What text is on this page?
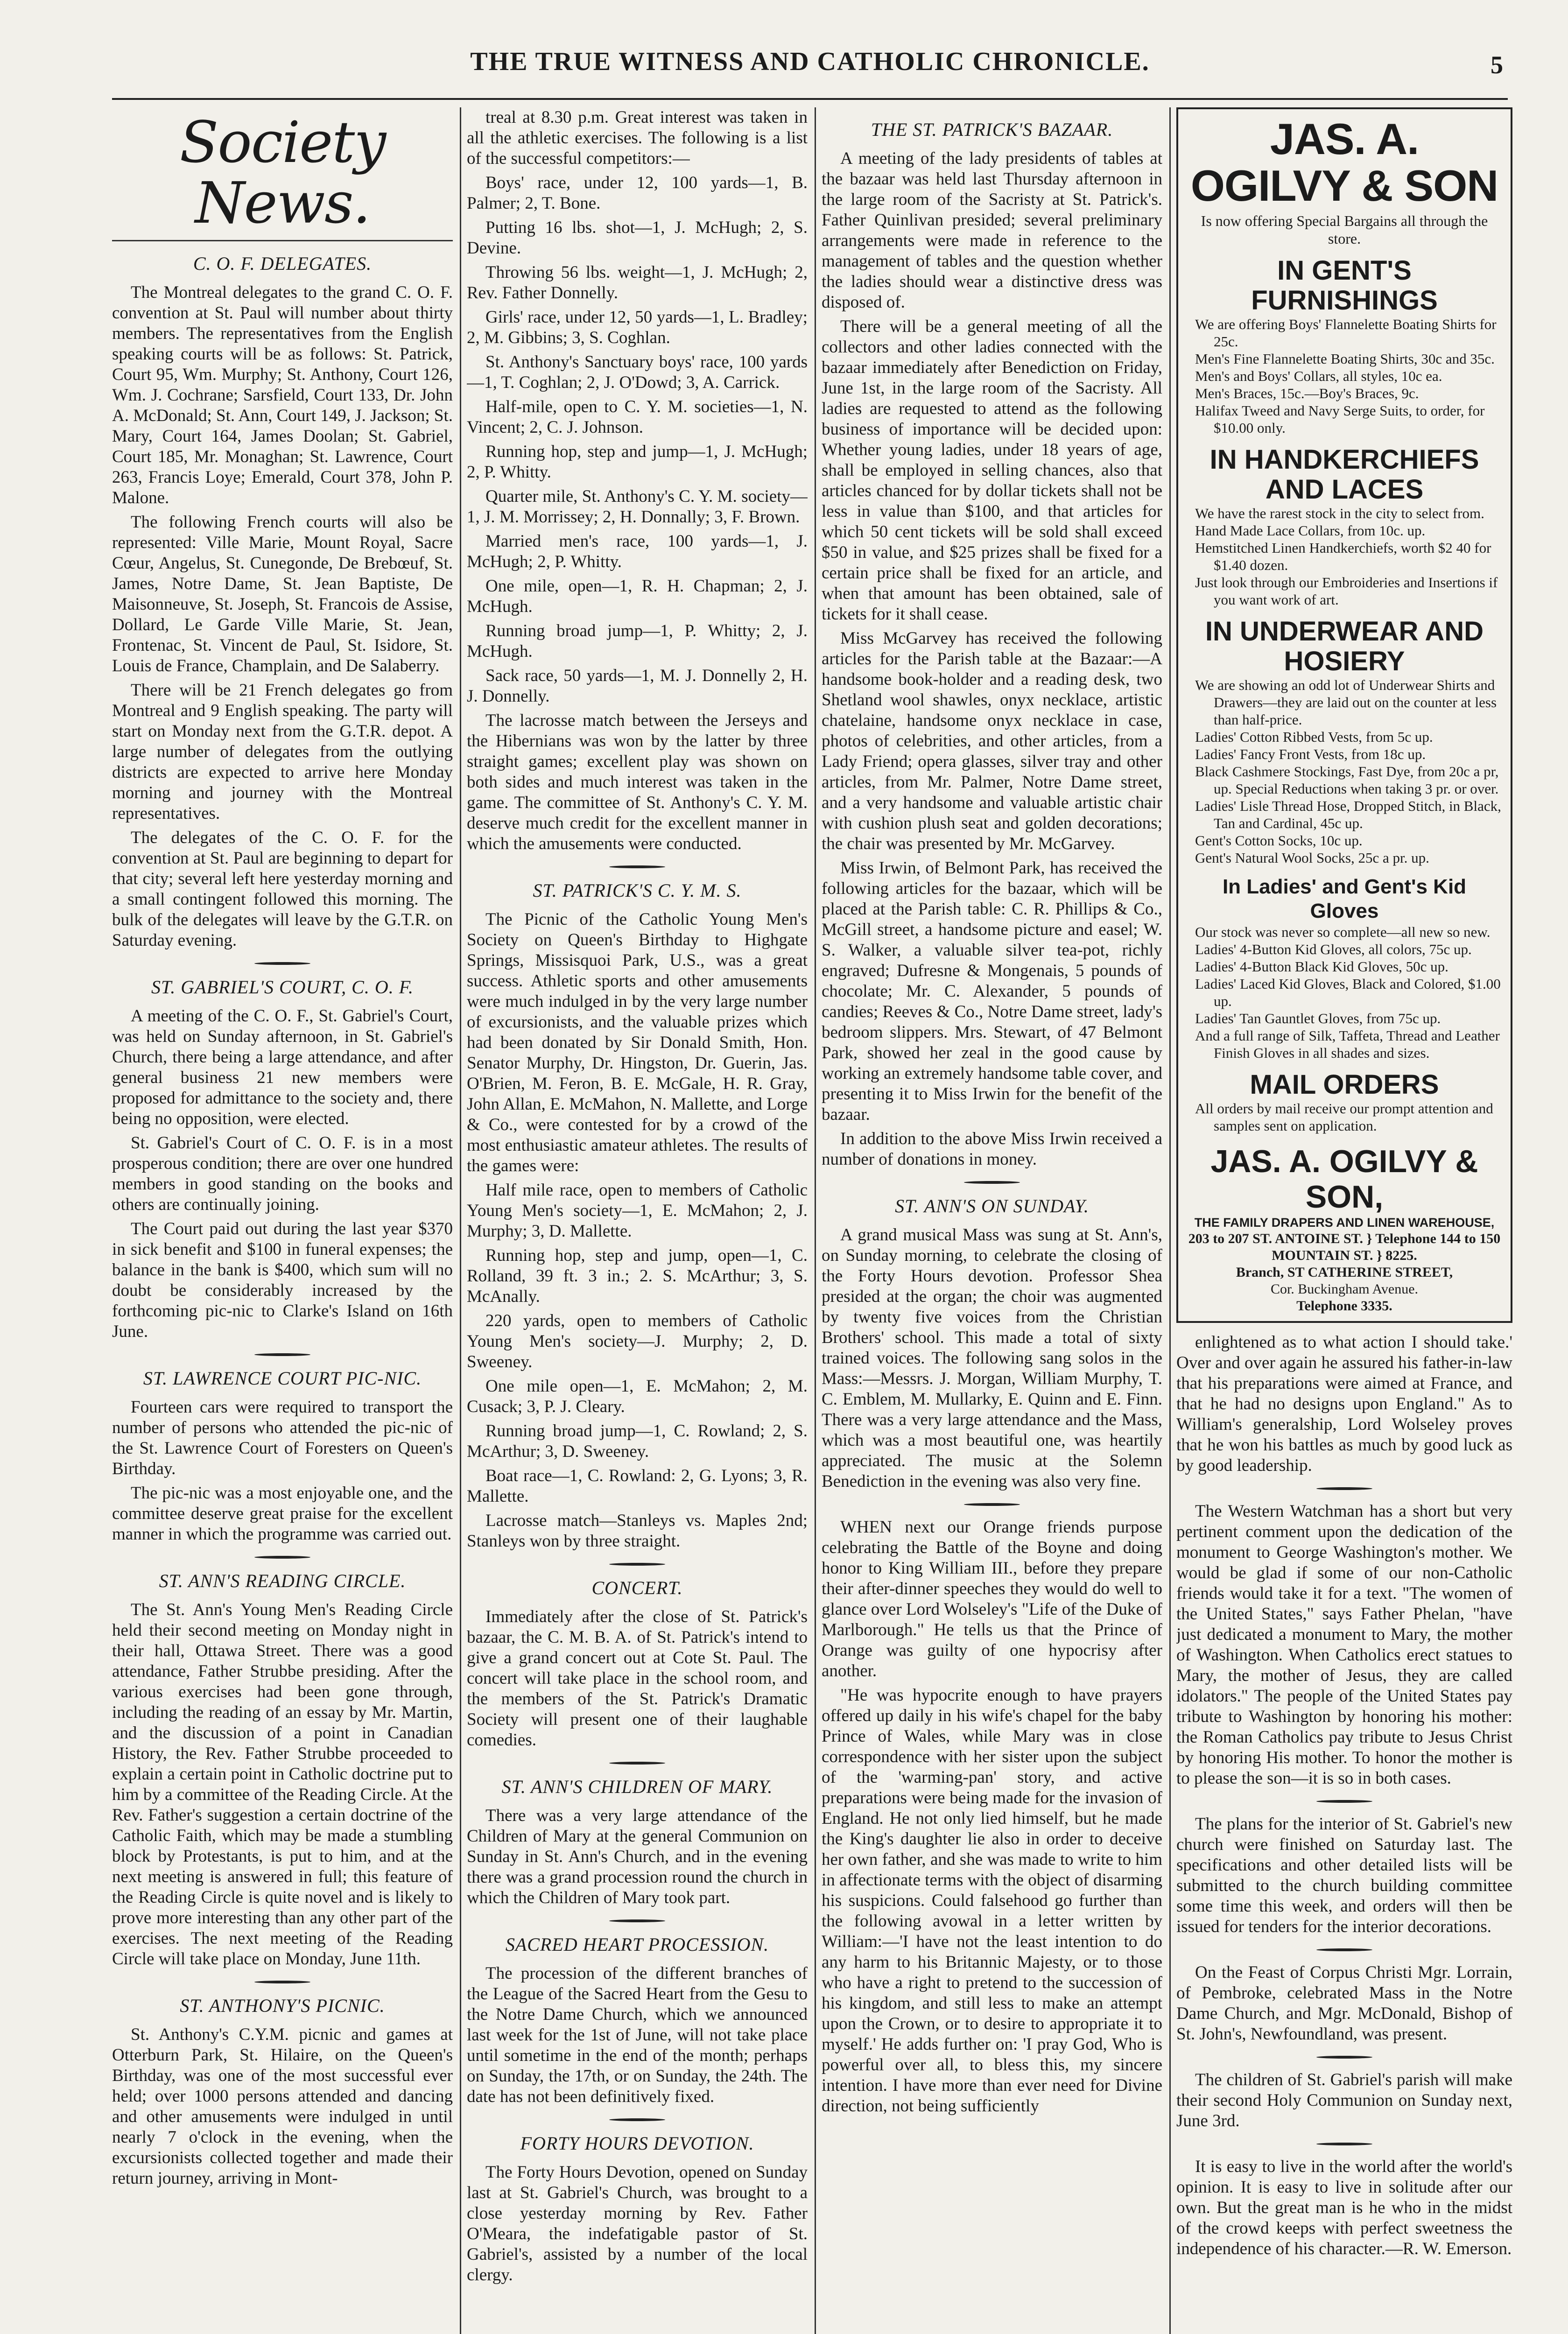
THE TRUE WITNESS AND CATHOLIC CHRONICLE.	5
Society News.
C. O. F. DELEGATES.
The Montreal delegates to the grand C. O. F. convention at St. Paul will number about thirty members. The representatives from the English speaking courts will be as follows: St. Patrick, Court 95, Wm. Murphy; St. Anthony, Court 126, Wm. J. Cochrane; Sarsfield, Court 133, Dr. John A. McDonald; St. Ann, Court 149, J. Jackson; St. Mary, Court 164, James Doolan; St. Gabriel, Court 185, Mr. Monaghan; St. Lawrence, Court 263, Francis Loye; Emerald, Court 378, John P. Malone.
The following French courts will also be represented: Ville Marie, Mount Royal, Sacre Cœur, Angelus, St. Cunegonde, De Brebœuf, St. James, Notre Dame, St. Jean Baptiste, De Maisonneuve, St. Joseph, St. Francois de Assise, Dollard, Le Garde Ville Marie, St. Jean, Frontenac, St. Vincent de Paul, St. Isidore, St. Louis de France, Champlain, and De Salaberry.
There will be 21 French delegates go from Montreal and 9 English speaking. The party will start on Monday next from the G.T.R. depot. A large number of delegates from the outlying districts are expected to arrive here Monday morning and journey with the Montreal representatives.
The delegates of the C. O. F. for the convention at St. Paul are beginning to depart for that city; several left here yesterday morning and a small contingent followed this morning. The bulk of the delegates will leave by the G.T.R. on Saturday evening.
ST. GABRIEL'S COURT, C. O. F.
A meeting of the C. O. F., St. Gabriel's Court, was held on Sunday afternoon, in St. Gabriel's Church, there being a large attendance, and after general business 21 new members were proposed for admittance to the society and, there being no opposition, were elected.
St. Gabriel's Court of C. O. F. is in a most prosperous condition; there are over one hundred members in good standing on the books and others are continually joining.
The Court paid out during the last year $370 in sick benefit and $100 in funeral expenses; the balance in the bank is $400, which sum will no doubt be considerably increased by the forthcoming pic-nic to Clarke's Island on 16th June.
ST. LAWRENCE COURT PIC-NIC.
Fourteen cars were required to transport the number of persons who attended the pic-nic of the St. Lawrence Court of Foresters on Queen's Birthday.
The pic-nic was a most enjoyable one, and the committee deserve great praise for the excellent manner in which the programme was carried out.
ST. ANN'S READING CIRCLE.
The St. Ann's Young Men's Reading Circle held their second meeting on Monday night in their hall, Ottawa Street. There was a good attendance, Father Strubbe presiding. After the various exercises had been gone through, including the reading of an essay by Mr. Martin, and the discussion of a point in Canadian History, the Rev. Father Strubbe proceeded to explain a certain point in Catholic doctrine put to him by a committee of the Reading Circle. At the Rev. Father's suggestion a certain doctrine of the Catholic Faith, which may be made a stumbling block by Protestants, is put to him, and at the next meeting is answered in full; this feature of the Reading Circle is quite novel and is likely to prove more interesting than any other part of the exercises. The next meeting of the Reading Circle will take place on Monday, June 11th.
ST. ANTHONY'S PICNIC.
St. Anthony's C.Y.M. picnic and games at Otterburn Park, St. Hilaire, on the Queen's Birthday, was one of the most successful ever held; over 1000 persons attended and dancing and other amusements were indulged in until nearly 7 o'clock in the evening, when the excursionists collected together and made their return journey, arriving in Mont-
treal at 8.30 p.m. Great interest was taken in all the athletic exercises. The following is a list of the successful competitors:—
Boys' race, under 12, 100 yards—1, B. Palmer; 2, T. Bone.
Putting 16 lbs. shot—1, J. McHugh; 2, S. Devine.
Throwing 56 lbs. weight—1, J. McHugh; 2, Rev. Father Donnelly.
Girls' race, under 12, 50 yards—1, L. Bradley; 2, M. Gibbins; 3, S. Coghlan.
St. Anthony's Sanctuary boys' race, 100 yards—1, T. Coghlan; 2, J. O'Dowd; 3, A. Carrick.
Half-mile, open to C. Y. M. societies—1, N. Vincent; 2, C. J. Johnson.
Running hop, step and jump—1, J. McHugh; 2, P. Whitty.
Quarter mile, St. Anthony's C. Y. M. society—1, J. M. Morrissey; 2, H. Donnally; 3, F. Brown.
Married men's race, 100 yards—1, J. McHugh; 2, P. Whitty.
One mile, open—1, R. H. Chapman; 2, J. McHugh.
Running broad jump—1, P. Whitty; 2, J. McHugh.
Sack race, 50 yards—1, M. J. Donnelly 2, H. J. Donnelly.
The lacrosse match between the Jerseys and the Hibernians was won by the latter by three straight games; excellent play was shown on both sides and much interest was taken in the game. The committee of St. Anthony's C. Y. M. deserve much credit for the excellent manner in which the amusements were conducted.
ST. PATRICK'S C. Y. M. S.
The Picnic of the Catholic Young Men's Society on Queen's Birthday to Highgate Springs, Missisquoi Park, U.S., was a great success. Athletic sports and other amusements were much indulged in by the very large number of excursionists, and the valuable prizes which had been donated by Sir Donald Smith, Hon. Senator Murphy, Dr. Hingston, Dr. Guerin, Jas. O'Brien, M. Feron, B. E. McGale, H. R. Gray, John Allan, E. McMahon, N. Mallette, and Lorge & Co., were contested for by a crowd of the most enthusiastic amateur athletes. The results of the games were:
Half mile race, open to members of Catholic Young Men's society—1, E. McMahon; 2, J. Murphy; 3, D. Mallette.
Running hop, step and jump, open—1, C. Rolland, 39 ft. 3 in.; 2. S. McArthur; 3, S. McAnally.
220 yards, open to members of Catholic Young Men's society—J. Murphy; 2, D. Sweeney.
One mile open—1, E. McMahon; 2, M. Cusack; 3, P. J. Cleary.
Running broad jump—1, C. Rowland; 2, S. McArthur; 3, D. Sweeney.
Boat race—1, C. Rowland: 2, G. Lyons; 3, R. Mallette.
Lacrosse match—Stanleys vs. Maples 2nd; Stanleys won by three straight.
CONCERT.
Immediately after the close of St. Patrick's bazaar, the C. M. B. A. of St. Patrick's intend to give a grand concert out at Cote St. Paul. The concert will take place in the school room, and the members of the St. Patrick's Dramatic Society will present one of their laughable comedies.
ST. ANN'S CHILDREN OF MARY.
There was a very large attendance of the Children of Mary at the general Communion on Sunday in St. Ann's Church, and in the evening there was a grand procession round the church in which the Children of Mary took part.
SACRED HEART PROCESSION.
The procession of the different branches of the League of the Sacred Heart from the Gesu to the Notre Dame Church, which we announced last week for the 1st of June, will not take place until sometime in the end of the month; perhaps on Sunday, the 17th, or on Sunday, the 24th. The date has not been definitively fixed.
FORTY HOURS DEVOTION.
The Forty Hours Devotion, opened on Sunday last at St. Gabriel's Church, was brought to a close yesterday morning by Rev. Father O'Meara, the indefatigable pastor of St. Gabriel's, assisted by a number of the local clergy.
THE ST. PATRICK'S BAZAAR.
A meeting of the lady presidents of tables at the bazaar was held last Thursday afternoon in the large room of the Sacristy at St. Patrick's. Father Quinlivan presided; several preliminary arrangements were made in reference to the management of tables and the question whether the ladies should wear a distinctive dress was disposed of.
There will be a general meeting of all the collectors and other ladies connected with the bazaar immediately after Benediction on Friday, June 1st, in the large room of the Sacristy. All ladies are requested to attend as the following business of importance will be decided upon: Whether young ladies, under 18 years of age, shall be employed in selling chances, also that articles chanced for by dollar tickets shall not be less in value than $100, and that articles for which 50 cent tickets will be sold shall exceed $50 in value, and $25 prizes shall be fixed for a certain price shall be fixed for an article, and when that amount has been obtained, sale of tickets for it shall cease.
Miss McGarvey has received the following articles for the Parish table at the Bazaar:—A handsome book-holder and a reading desk, two Shetland wool shawles, onyx necklace, artistic chatelaine, handsome onyx necklace in case, photos of celebrities, and other articles, from a Lady Friend; opera glasses, silver tray and other articles, from Mr. Palmer, Notre Dame street, and a very handsome and valuable artistic chair with cushion plush seat and golden decorations; the chair was presented by Mr. McGarvey.
Miss Irwin, of Belmont Park, has received the following articles for the bazaar, which will be placed at the Parish table: C. R. Phillips & Co., McGill street, a handsome picture and easel; W. S. Walker, a valuable silver tea-pot, richly engraved; Dufresne & Mongenais, 5 pounds of chocolate; Mr. C. Alexander, 5 pounds of candies; Reeves & Co., Notre Dame street, lady's bedroom slippers. Mrs. Stewart, of 47 Belmont Park, showed her zeal in the good cause by working an extremely handsome table cover, and presenting it to Miss Irwin for the benefit of the bazaar.
In addition to the above Miss Irwin received a number of donations in money.
ST. ANN'S ON SUNDAY.
A grand musical Mass was sung at St. Ann's, on Sunday morning, to celebrate the closing of the Forty Hours devotion. Professor Shea presided at the organ; the choir was augmented by twenty five voices from the Christian Brothers' school. This made a total of sixty trained voices. The following sang solos in the Mass:—Messrs. J. Morgan, William Murphy, T. C. Emblem, M. Mullarky, E. Quinn and E. Finn. There was a very large attendance and the Mass, which was a most beautiful one, was heartily appreciated. The music at the Solemn Benediction in the evening was also very fine.
WHEN next our Orange friends purpose celebrating the Battle of the Boyne and doing honor to King William III., before they prepare their after-dinner speeches they would do well to glance over Lord Wolseley's "Life of the Duke of Marlborough." He tells us that the Prince of Orange was guilty of one hypocrisy after another.
"He was hypocrite enough to have prayers offered up daily in his wife's chapel for the baby Prince of Wales, while Mary was in close correspondence with her sister upon the subject of the 'warming-pan' story, and active preparations were being made for the invasion of England. He not only lied himself, but he made the King's daughter lie also in order to deceive her own father, and she was made to write to him in affectionate terms with the object of disarming his suspicions. Could falsehood go further than the following avowal in a letter written by William:—'I have not the least intention to do any harm to his Britannic Majesty, or to those who have a right to pretend to the succession of his kingdom, and still less to make an attempt upon the Crown, or to desire to appropriate it to myself.' He adds further on: 'I pray God, Who is powerful over all, to bless this, my sincere intention. I have more than ever need for Divine direction, not being sufficiently
JAS. A. OGILVY & SON
Is now offering Special Bargains all through the store.
IN GENT'S FURNISHINGS
We are offering Boys' Flannelette Boating Shirts for 25c.
Men's Fine Flannelette Boating Shirts, 30c and 35c.
Men's and Boys' Collars, all styles, 10c ea.
Men's Braces, 15c.—Boy's Braces, 9c.
Halifax Tweed and Navy Serge Suits, to order, for $10.00 only.
IN HANDKERCHIEFS AND LACES
We have the rarest stock in the city to select from.
Hand Made Lace Collars, from 10c. up.
Hemstitched Linen Handkerchiefs, worth $2 40 for $1.40 dozen.
Just look through our Embroideries and Insertions if you want work of art.
IN UNDERWEAR AND HOSIERY
We are showing an odd lot of Underwear Shirts and Drawers—they are laid out on the counter at less than half-price.
Ladies' Cotton Ribbed Vests, from 5c up.
Ladies' Fancy Front Vests, from 18c up.
Black Cashmere Stockings, Fast Dye, from 20c a pr, up. Special Reductions when taking 3 pr. or over.
Ladies' Lisle Thread Hose, Dropped Stitch, in Black, Tan and Cardinal, 45c up.
Gent's Cotton Socks, 10c up.
Gent's Natural Wool Socks, 25c a pr. up.
In Ladies' and Gent's Kid Gloves
Our stock was never so complete—all new so new.
Ladies' 4-Button Kid Gloves, all colors, 75c up.
Ladies' 4-Button Black Kid Gloves, 50c up.
Ladies' Laced Kid Gloves, Black and Colored, $1.00 up.
Ladies' Tan Gauntlet Gloves, from 75c up.
And a full range of Silk, Taffeta, Thread and Leather Finish Gloves in all shades and sizes.
MAIL ORDERS
All orders by mail receive our prompt attention and samples sent on application.
JAS. A. OGILVY & SON,
THE FAMILY DRAPERS AND LINEN WAREHOUSE,
203 to 207 ST. ANTOINE ST. } Telephone 144 to 150 MOUNTAIN ST. } 8225.
Branch, ST CATHERINE STREET,
Cor. Buckingham Avenue.
Telephone 3335.
enlightened as to what action I should take.' Over and over again he assured his father-in-law that his preparations were aimed at France, and that he had no designs upon England." As to William's generalship, Lord Wolseley proves that he won his battles as much by good luck as by good leadership.
The Western Watchman has a short but very pertinent comment upon the dedication of the monument to George Washington's mother. We would be glad if some of our non-Catholic friends would take it for a text. "The women of the United States," says Father Phelan, "have just dedicated a monument to Mary, the mother of Washington. When Catholics erect statues to Mary, the mother of Jesus, they are called idolators." The people of the United States pay tribute to Washington by honoring his mother: the Roman Catholics pay tribute to Jesus Christ by honoring His mother. To honor the mother is to please the son—it is so in both cases.
The plans for the interior of St. Gabriel's new church were finished on Saturday last. The specifications and other detailed lists will be submitted to the church building committee some time this week, and orders will then be issued for tenders for the interior decorations.
On the Feast of Corpus Christi Mgr. Lorrain, of Pembroke, celebrated Mass in the Notre Dame Church, and Mgr. McDonald, Bishop of St. John's, Newfoundland, was present.
The children of St. Gabriel's parish will make their second Holy Communion on Sunday next, June 3rd.
It is easy to live in the world after the world's opinion. It is easy to live in solitude after our own. But the great man is he who in the midst of the crowd keeps with perfect sweetness the independence of his character.—R. W. Emerson.
